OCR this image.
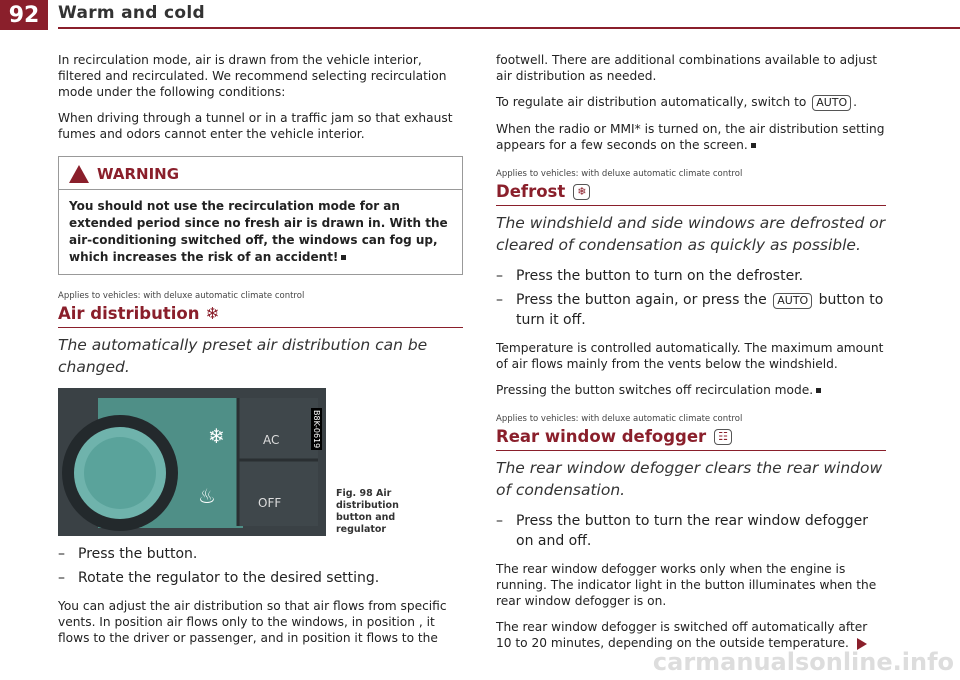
92	Warm and cold

In recirculation mode, air is drawn from the vehicle interior, filtered and recirculated. We recommend selecting recirculation mode under the following conditions:

When driving through a tunnel or in a traffic jam so that exhaust fumes and odors cannot enter the vehicle interior.

WARNING
You should not use the recirculation mode for an extended period since no fresh air is drawn in. With the air-conditioning switched off, the windows can fog up, which increases the risk of an accident!
Applies to vehicles: with deluxe automatic climate control
Air distribution ❄
The automatically preset air distribution can be changed.
❄
♨
AC
OFF
B8K-0619
Fig. 98 Air distribution button and regulator
– Press the button.
– Rotate the regulator to the desired setting.

You can adjust the air distribution so that air flows from specific vents. In position air flows only to the windows, in position , it flows to the driver or passenger, and in position it flows to the

footwell. There are additional combinations available to adjust air distribution as needed.

To regulate air distribution automatically, switch to AUTO .

When the radio or MMI* is turned on, the air distribution setting appears for a few seconds on the screen.

Applies to vehicles: with deluxe automatic climate control
Defrost	❄
The windshield and side windows are defrosted or cleared of condensation as quickly as possible.
– Press the button to turn on the defroster.
– Press the button again, or press the AUTO button to turn it off.

Temperature is controlled automatically. The maximum amount of air flows mainly from the vents below the windshield.

Pressing the button switches off recirculation mode.

Applies to vehicles: with deluxe automatic climate control
Rear window defogger	☷
The rear window defogger clears the rear window of condensation.
– Press the button to turn the rear window defogger on and off.

The rear window defogger works only when the engine is running. The indicator light in the button illuminates when the rear window defogger is on.

The rear window defogger is switched off automatically after 10 to 20 minutes, depending on the outside temperature.

carmanualsonline.info
